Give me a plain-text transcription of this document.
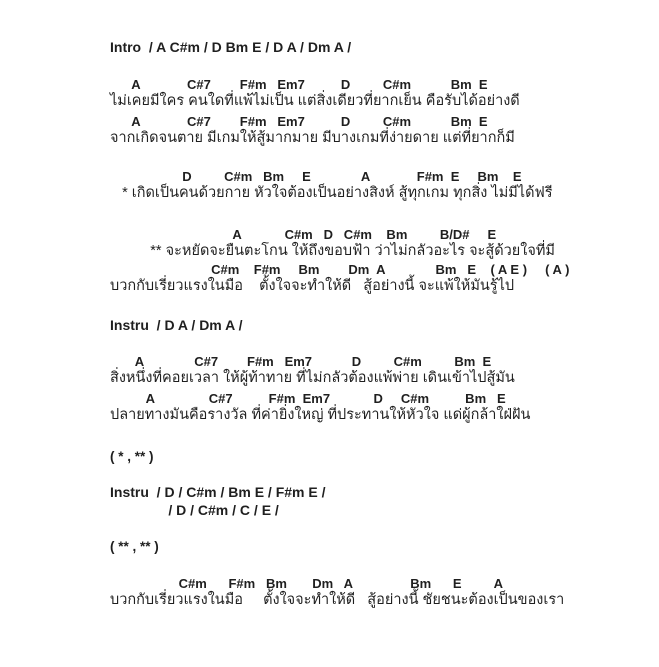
Intro  / A C#m / D Bm E / D A / Dm A /
A             C#7        F#m   Em7          D         C#m           Bm  E
ไม่เคยมีใคร คนใดที่แพ้ไม่เป็น แต่สิ่งเดียวที่ยากเย็น คือรับได้อย่างดี
A             C#7        F#m   Em7          D         C#m           Bm  E
จากเกิดจนตาย มีเกมให้สู้มากมาย มีบางเกมที่ง่ายดาย แต่ที่ยากก็มี
D         C#m   Bm     E              A             F#m  E     Bm    E
* เกิดเป็นคนด้วยกาย หัวใจต้องเป็นอย่างสิงห์ สู้ทุกเกม ทุกสิ่ง ไม่มีได้ฟรี
A            C#m   D   C#m    Bm         B/D#     E
** จะหยัดจะยืนตะโกน ให้ถึงขอบฟ้า ว่าไม่กลัวอะไร จะสู้ด้วยใจที่มี
C#m    F#m     Bm        Dm  A              Bm   E    ( A E )     ( A )
บวกกับเรี่ยวแรงในมือ    ตั้งใจจะทำให้ดี   สู้อย่างนี้ จะแพ้ให้มันรู้ไป
Instru  / D A / Dm A /
A              C#7        F#m   Em7           D         C#m         Bm  E
สิ่งหนึ่งที่คอยเวลา ให้ผู้ท้าทาย ที่ไม่กลัวต้องแพ้พ่าย เดินเข้าไปสู้มัน
A               C#7          F#m  Em7            D     C#m          Bm   E
ปลายทางมันคือรางวัล ที่ค่ายิ่งใหญ่ ที่ประทานให้หัวใจ แด่ผู้กล้าใฝ่ฝัน
( * , ** )
Instru  / D / C#m / Bm E / F#m E /
/ D / C#m / C / E /
( ** , ** )
C#m      F#m   Bm       Dm   A                Bm      E         A
บวกกับเรี่ยวแรงในมือ     ตั้งใจจะทำให้ดี   สู้อย่างนี้ ชัยชนะต้องเป็นของเรา
